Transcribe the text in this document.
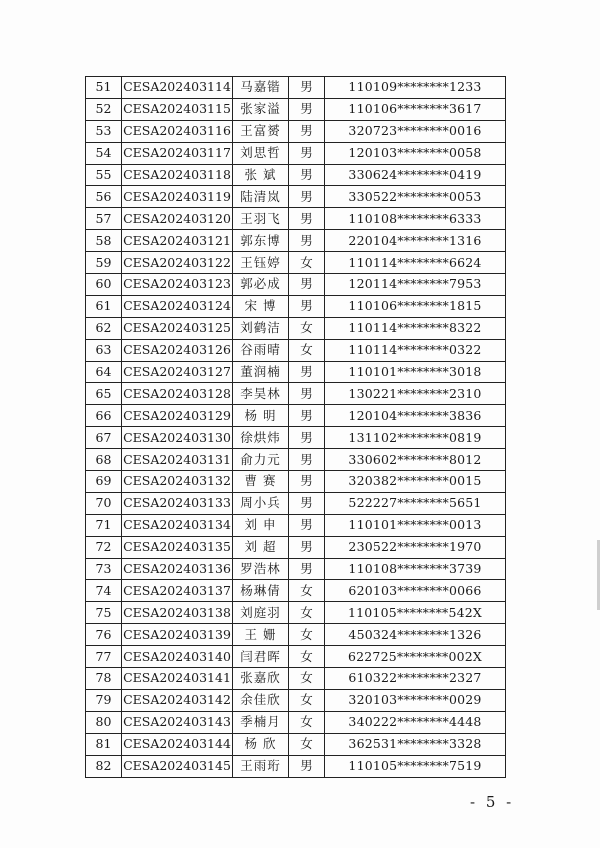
51	CESA202403114	马嘉锴	男	110109********1233
52	CESA202403115	张家溢	男	110106********3617
53	CESA202403116	王富赟	男	320723********0016
54	CESA202403117	刘思哲	男	120103********0058
55	CESA202403118	张 斌	男	330624********0419
56	CESA202403119	陆清岚	男	330522********0053
57	CESA202403120	王羽飞	男	110108********6333
58	CESA202403121	郭东博	男	220104********1316
59	CESA202403122	王钰婷	女	110114********6624
60	CESA202403123	郭必成	男	120114********7953
61	CESA202403124	宋 博	男	110106********1815
62	CESA202403125	刘鹤洁	女	110114********8322
63	CESA202403126	谷雨晴	女	110114********0322
64	CESA202403127	董润楠	男	110101********3018
65	CESA202403128	李昊林	男	130221********2310
66	CESA202403129	杨 明	男	120104********3836
67	CESA202403130	徐烘炜	男	131102********0819
68	CESA202403131	俞力元	男	330602********8012
69	CESA202403132	曹 赛	男	320382********0015
70	CESA202403133	周小兵	男	522227********5651
71	CESA202403134	刘 申	男	110101********0013
72	CESA202403135	刘 超	男	230522********1970
73	CESA202403136	罗浩林	男	110108********3739
74	CESA202403137	杨琳倩	女	620103********0066
75	CESA202403138	刘庭羽	女	110105********542X
76	CESA202403139	王 姗	女	450324********1326
77	CESA202403140	闫君晖	女	622725********002X
78	CESA202403141	张嘉欣	女	610322********2327
79	CESA202403142	余佳欣	女	320103********0029
80	CESA202403143	季楠月	女	340222********4448
81	CESA202403144	杨 欣	女	362531********3328
82	CESA202403145	王雨珩	男	110105********7519
- 5 -
